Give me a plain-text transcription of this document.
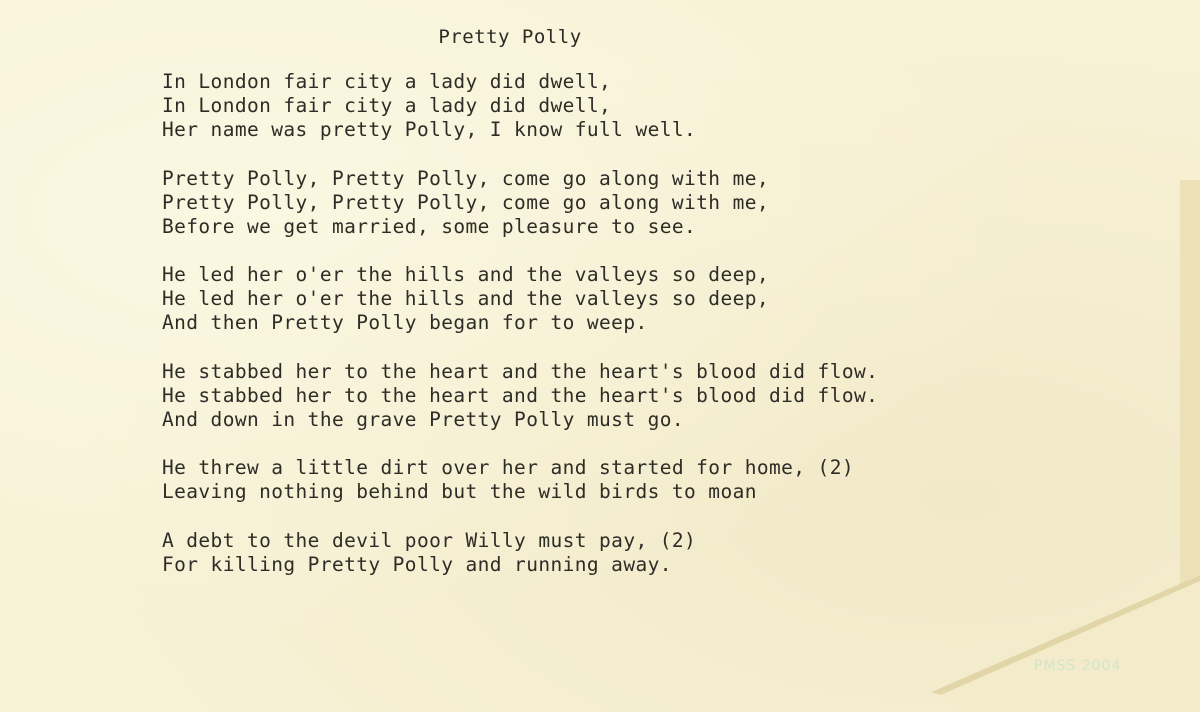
Pretty Polly
In London fair city a lady did dwell,
In London fair city a lady did dwell,
Her name was pretty Polly, I know full well.
Pretty Polly, Pretty Polly, come go along with me,
Pretty Polly, Pretty Polly, come go along with me,
Before we get married, some pleasure to see.
He led her o'er the hills and the valleys so deep,
He led her o'er the hills and the valleys so deep,
And then Pretty Polly began for to weep.
He stabbed her to the heart and the heart's blood did flow.
He stabbed her to the heart and the heart's blood did flow.
And down in the grave Pretty Polly must go.
He threw a little dirt over her and started for home, (2)
Leaving nothing behind but the wild birds to moan
A debt to the devil poor Willy must pay, (2)
For killing Pretty Polly and running away.
PMSS 2004
